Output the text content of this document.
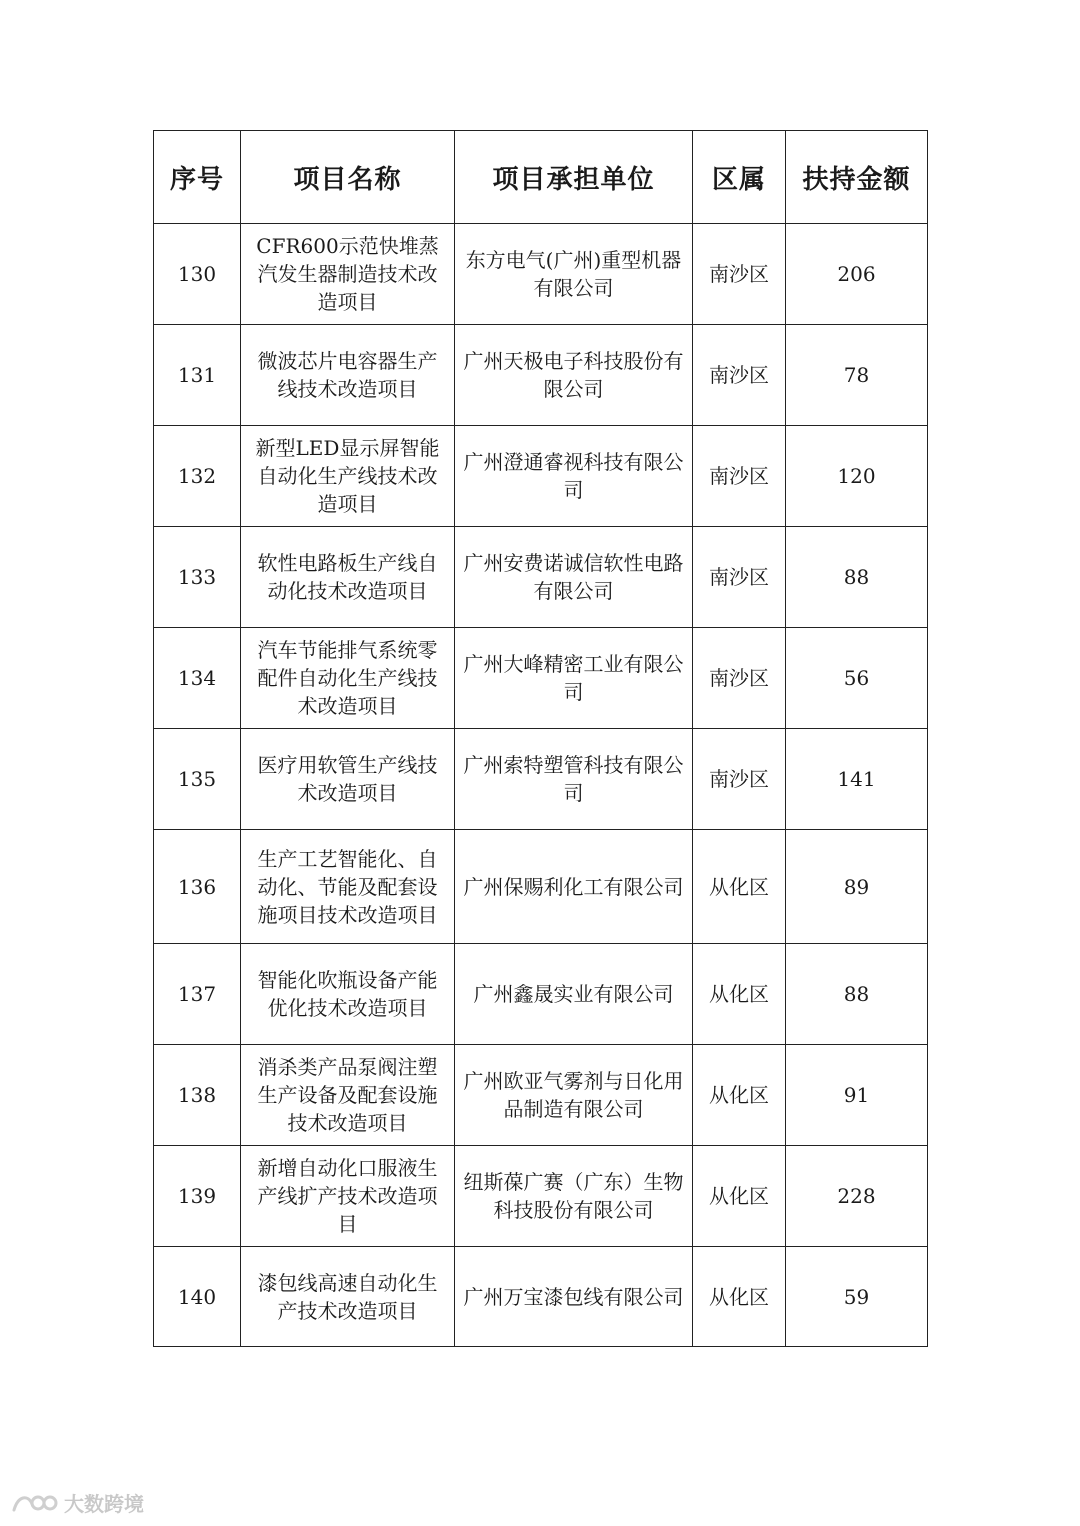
序号	项目名称	项目承担单位	区属	扶持金额
130	CFR600示范快堆蒸汽发生器制造技术改造项目	东方电气(广州)重型机器有限公司	南沙区	206
131	微波芯片电容器生产线技术改造项目	广州天极电子科技股份有限公司	南沙区	78
132	新型LED显示屏智能自动化生产线技术改造项目	广州澄通睿视科技有限公司	南沙区	120
133	软性电路板生产线自动化技术改造项目	广州安费诺诚信软性电路有限公司	南沙区	88
134	汽车节能排气系统零配件自动化生产线技术改造项目	广州大峰精密工业有限公司	南沙区	56
135	医疗用软管生产线技术改造项目	广州索特塑管科技有限公司	南沙区	141
136	生产工艺智能化、自动化、节能及配套设施项目技术改造项目	广州保赐利化工有限公司	从化区	89
137	智能化吹瓶设备产能优化技术改造项目	广州鑫晟实业有限公司	从化区	88
138	消杀类产品泵阀注塑生产设备及配套设施技术改造项目	广州欧亚气雾剂与日化用品制造有限公司	从化区	91
139	新增自动化口服液生产线扩产技术改造项目	纽斯葆广赛（广东）生物科技股份有限公司	从化区	228
140	漆包线高速自动化生产技术改造项目	广州万宝漆包线有限公司	从化区	59
大数跨境
